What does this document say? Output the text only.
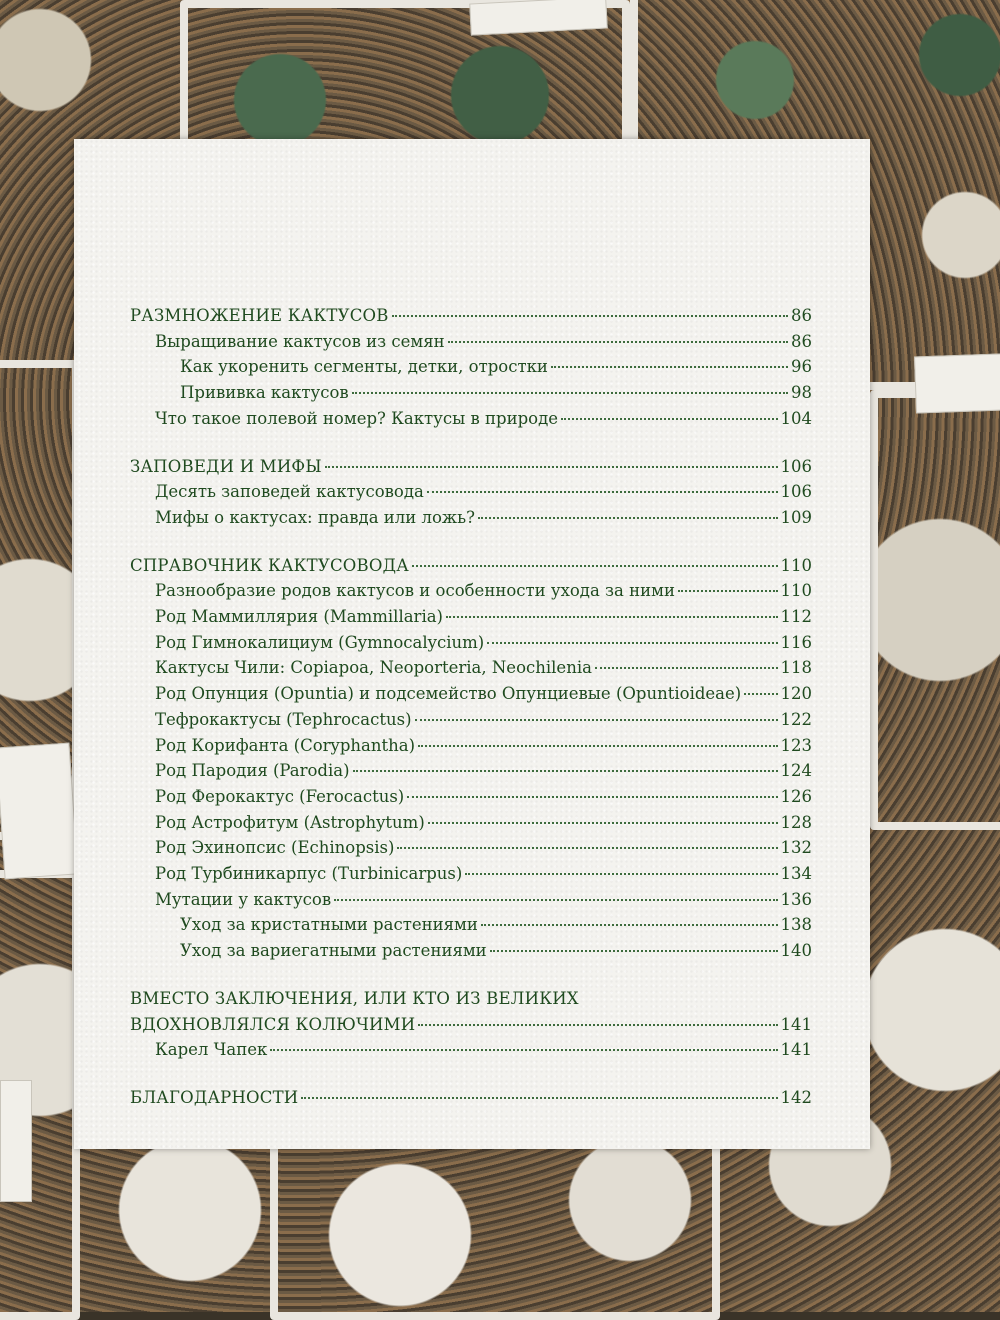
РАЗМНОЖЕНИЕ КАКТУСОВ	86
Выращивание кактусов из семян	86
Как укоренить сегменты, детки, отростки	96
Прививка кактусов	98
Что такое полевой номер? Кактусы в природе	104
ЗАПОВЕДИ И МИФЫ	106
Десять заповедей кактусовода	106
Мифы о кактусах: правда или ложь?	109
СПРАВОЧНИК КАКТУСОВОДА	110
Разнообразие родов кактусов и особенности ухода за ними	110
Род Маммиллярия (Mammillaria)	112
Род Гимнокалициум (Gymnocalycium)	116
Кактусы Чили: Copiapoa, Neoporteria, Neochilenia	118
Род Опунция (Opuntia) и подсемейство Опунциевые (Opuntioideae) 120
Тефрокактусы (Tephrocactus)	122
Род Корифанта (Coryphantha)	123
Род Пародия (Parodia)	124
Род Ферокактус (Ferocactus)	126
Род Астрофитум (Astrophytum)	128
Род Эхинопсис (Echinopsis)	132
Род Турбиникарпус (Turbinicarpus)	134
Мутации у кактусов	136
Уход за кристатными растениями	138
Уход за вариегатными растениями	140
ВМЕСТО ЗАКЛЮЧЕНИЯ, ИЛИ КТО ИЗ ВЕЛИКИХ
ВДОХНОВЛЯЛСЯ КОЛЮЧИМИ	141
Карел Чапек	141
БЛАГОДАРНОСТИ	142
